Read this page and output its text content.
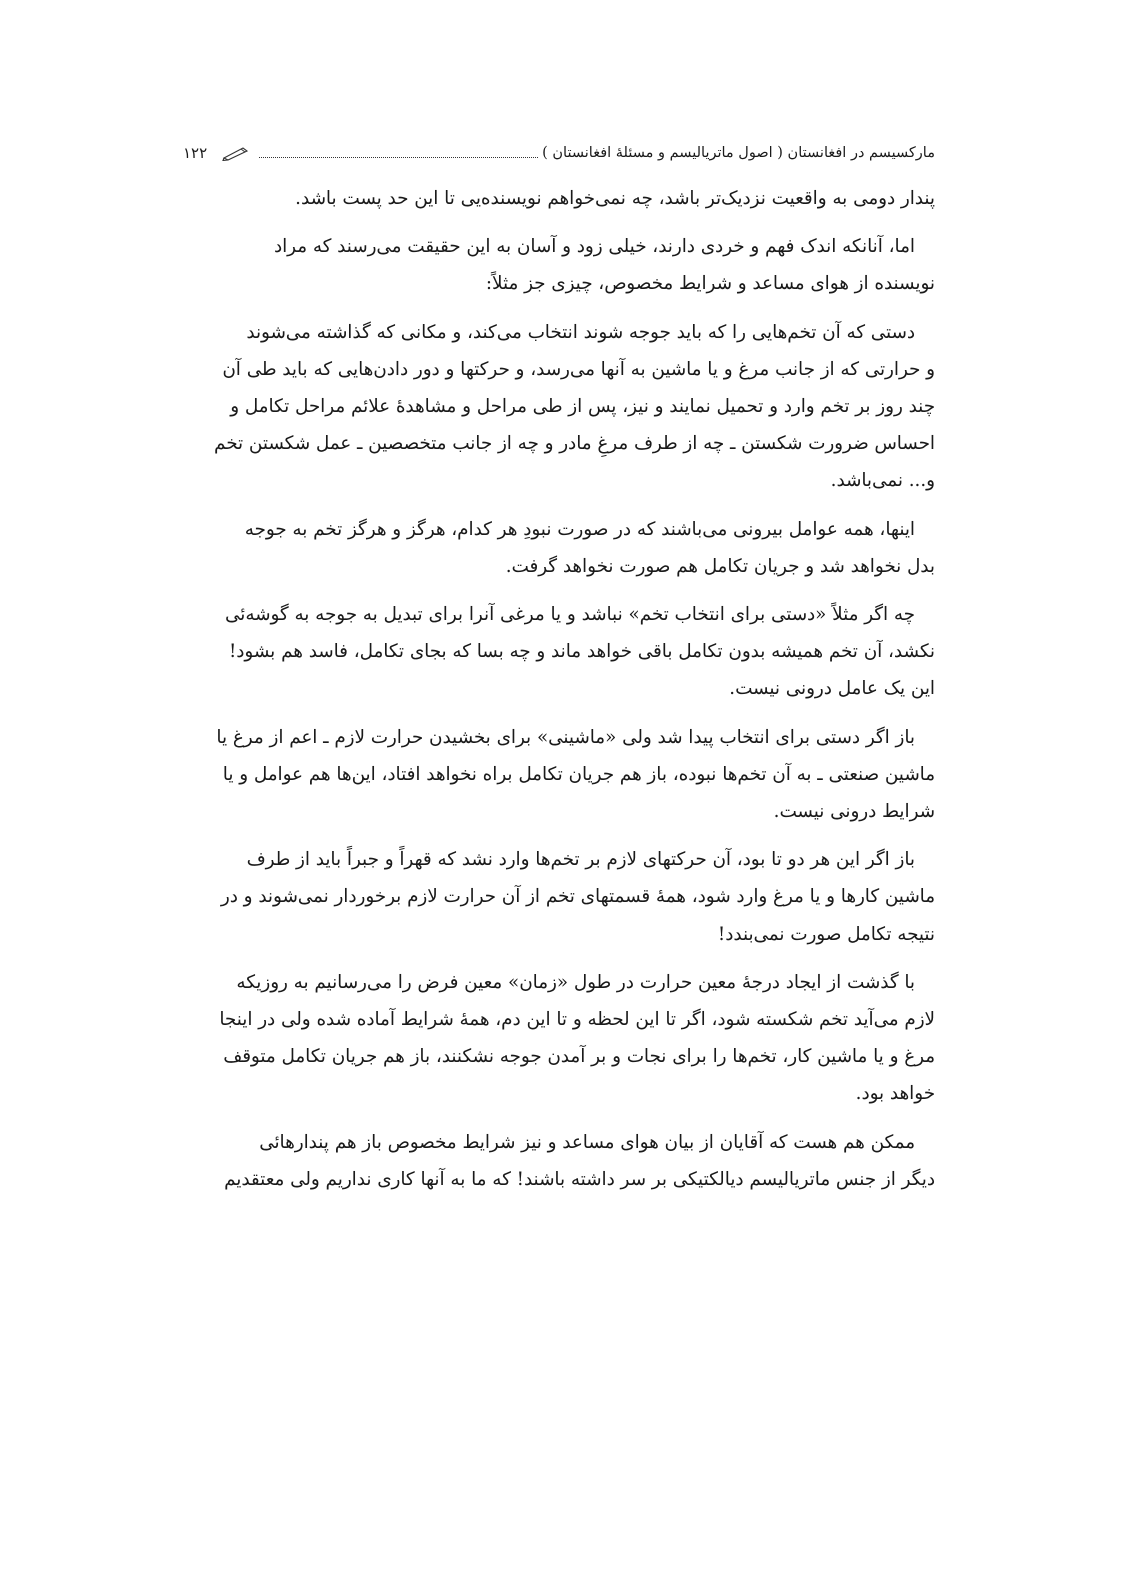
مارکسیسم در افغانستان ( اصول ماتریالیسم و مسئلهٔ افغانستان )
۱۲۲

پندار دومی به واقعیت نزدیک‌تر باشد، چه نمی‌خواهم نویسنده‌یی تا این حد پست باشد.

اما، آنانکه اندک فهم و خردی دارند، خیلی زود و آسان به این حقیقت می‌رسند که مراد
نویسنده از هوای مساعد و شرایط مخصوص، چیزی جز مثلاً:

دستی که آن تخم‌هایی را که باید جوجه شوند انتخاب می‌کند، و مکانی که گذاشته می‌شوند
و حرارتی که از جانب مرغ و یا ماشین به آنها می‌رسد، و حرکتها و دور دادن‌هایی که باید طی آن
چند روز بر تخم وارد و تحمیل نمایند و نیز، پس از طی مراحل و مشاهدهٔ علائم مراحل تکامل و
احساس ضرورت شکستن ـ چه از طرف مرغِ مادر و چه از جانب متخصصین ـ عمل شکستن تخم
و... نمی‌باشد.

اینها، همه عوامل بیرونی می‌باشند که در صورت نبودِ هر کدام، هرگز و هرگز تخم به جوجه
بدل نخواهد شد و جریان تکامل هم صورت نخواهد گرفت.

چه اگر مثلاً «دستی برای انتخاب تخم» نباشد و یا مرغی آنرا برای تبدیل به جوجه به گوشه‌ئی
نکشد، آن تخم همیشه بدون تکامل باقی خواهد ماند و چه بسا که بجای تکامل، فاسد هم بشود!
این یک عامل درونی نیست.

باز اگر دستی برای انتخاب پیدا شد ولی «ماشینی» برای بخشیدن حرارت لازم ـ اعم از مرغ یا
ماشین صنعتی ـ به آن تخم‌ها نبوده، باز هم جریان تکامل براه نخواهد افتاد، این‌ها هم عوامل و یا
شرایط درونی نیست.

باز اگر این هر دو تا بود، آن حرکتهای لازم بر تخم‌ها وارد نشد که قهراً و جبراً باید از طرف
ماشین کارها و یا مرغ وارد شود، همهٔ قسمتهای تخم از آن حرارت لازم برخوردار نمی‌شوند و در
نتیجه تکامل صورت نمی‌بندد!

با گذشت از ایجاد درجهٔ معین حرارت در طول «زمان» معین فرض را می‌رسانیم به روزیکه
لازم می‌آید تخم شکسته شود، اگر تا این لحظه و تا این دم، همهٔ شرایط آماده شده ولی در اینجا
مرغ و یا ماشین کار، تخم‌ها را برای نجات و بر آمدن جوجه نشکنند، باز هم جریان تکامل متوقف
خواهد بود.

ممکن هم هست که آقایان از بیان هوای مساعد و نیز شرایط مخصوص باز هم پندارهائی
دیگر از جنس ماتریالیسم دیالکتیکی بر سر داشته باشند! که ما به آنها کاری نداریم ولی معتقدیم
